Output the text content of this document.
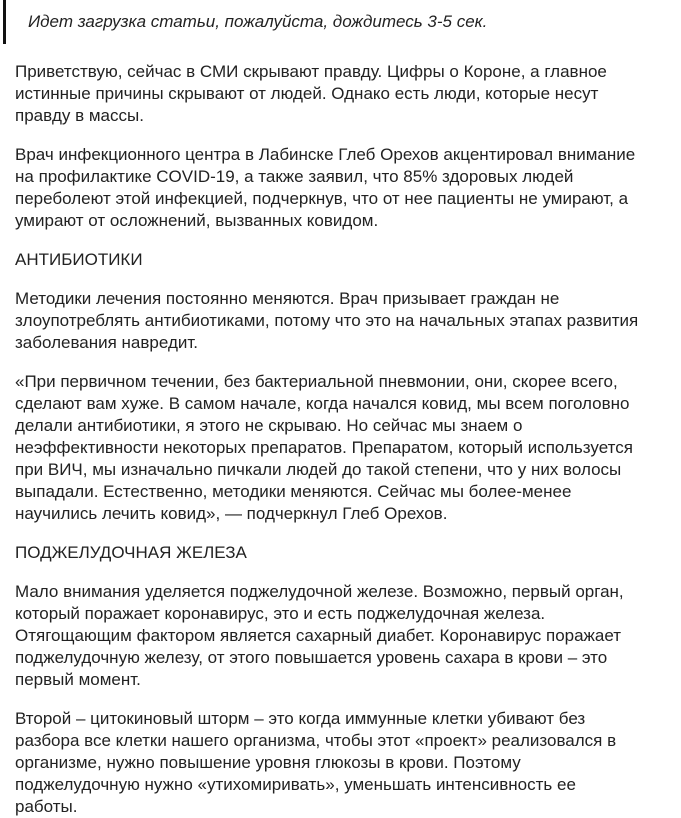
Идет загрузка статьи, пожалуйста, дождитесь 3-5 сек.
Приветствую, сейчас в СМИ скрывают правду. Цифры о Короне, а главное
истинные причины скрывают от людей. Однако есть люди, которые несут
правду в массы.
Врач инфекционного центра в Лабинске Глеб Орехов акцентировал внимание
на профилактике COVID-19, а также заявил, что 85% здоровых людей
переболеют этой инфекцией, подчеркнув, что от нее пациенты не умирают, а
умирают от осложнений, вызванных ковидом.
АНТИБИОТИКИ
Методики лечения постоянно меняются. Врач призывает граждан не
злоупотреблять антибиотиками, потому что это на начальных этапах развития
заболевания навредит.
«При первичном течении, без бактериальной пневмонии, они, скорее всего,
сделают вам хуже. В самом начале, когда начался ковид, мы всем поголовно
делали антибиотики, я этого не скрываю. Но сейчас мы знаем о
неэффективности некоторых препаратов. Препаратом, который используется
при ВИЧ, мы изначально пичкали людей до такой степени, что у них волосы
выпадали. Естественно, методики меняются. Сейчас мы более-менее
научились лечить ковид», — подчеркнул Глеб Орехов.
ПОДЖЕЛУДОЧНАЯ ЖЕЛЕЗА
Мало внимания уделяется поджелудочной железе. Возможно, первый орган,
который поражает коронавирус, это и есть поджелудочная железа.
Отягощающим фактором является сахарный диабет. Коронавирус поражает
поджелудочную железу, от этого повышается уровень сахара в крови – это
первый момент.
Второй – цитокиновый шторм – это когда иммунные клетки убивают без
разбора все клетки нашего организма, чтобы этот «проект» реализовался в
организме, нужно повышение уровня глюкозы в крови. Поэтому
поджелудочную нужно «утихомиривать», уменьшать интенсивность ее
работы.
